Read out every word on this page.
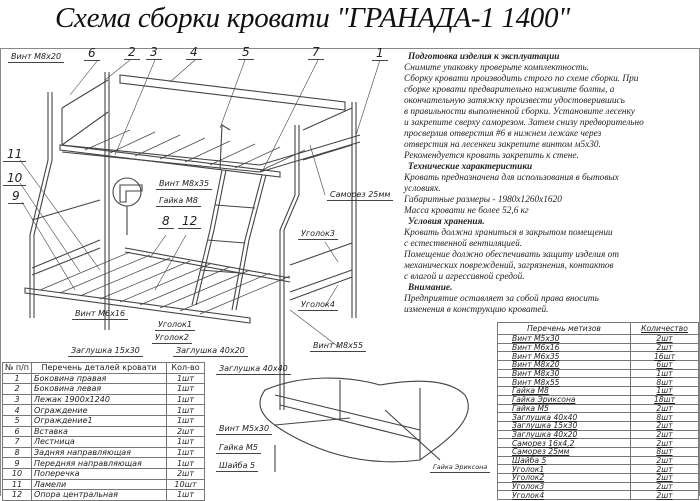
Схема сборки кровати "ГРАНАДА-1 1400"
Винт М8х20	6	2	3	4	5	7	1
11
10
9
8	12
Винт М8х35
Гайка М8
Саморез 25мм
Уголок3
Уголок4
Винт М6х16
Уголок1
Уголок2
Заглушка 15х30	Заглушка 40х20
Винт М8х55
Заглушка 40х40
Винт М5х30
Гайка М5
Шайба 5	Гайка Эриксона

Подготовка изделия к эксплуатации

Снимите упаковку проверьте комплектность.

Сборку кровати производить строго по схеме сборки. При

сборке кровати предварительно наживите болты, а

окончательную затяжку произвести удостоверившись

в правильности выполненной сборки. Установите лесенку

и закрепите сверху саморезом. Затем снизу предворительно

просверлив отверстия #6 в нижнем лежаке через

отверстия на лесенкеи закрепите винтом м5х30.

Рекомендуется кровать закрепить к стене.

Технические характеристики

Кровать предназначена для использования в бытовых

условиях.

Габаритные размеры - 1980х1260х1620

Масса кровати не более 52,6 кг

Условия хранения.

Кровать должна храниться в закрытом помещении

с естественной вентиляцией.

Помещение должно обеспечивать защиту изделия от

механических повреждений, загрязнения, контактов

с влагой и агрессивной средой.

Внимание.

Предприятие оставляет за собой права вносить

изменения в конструкцию кроватей.

№ п/п	Перечень деталей кровати	Кол-во
1	Боковина правая	1шт
2	Боковина левая	1шт
3	Лежак 1900х1240	1шт
4	Ограждение	1шт
5	Ограждение1	1шт
6	Вставка	2шт
7	Лестница	1шт
8	Задняя направляющая	1шт
9	Передняя направляющая	1шт
10	Поперечка	2шт
11	Ламели	10шт
12	Опора центральная	1шт
Перечень метизов	Количество
Винт М5х30	2шт
Винт М6х16	2шт
Винт М6х35	16шт
Винт М8х20	6шт
Винт М8х30	1шт
Винт М8х55	8шт
Гайка М8	1шт
Гайка Эриксона	18шт
Гайка М5	2шт
Заглушка 40х40	8шт
Заглушка 15х30	2шт
Заглушка 40х20	2шт
Саморез 16х4,2	2шт
Саморез 25мм	8шт
Шайба 5	2шт
Уголок1	2шт
Уголок2	2шт
Уголок3	2шт
Уголок4	2шт
